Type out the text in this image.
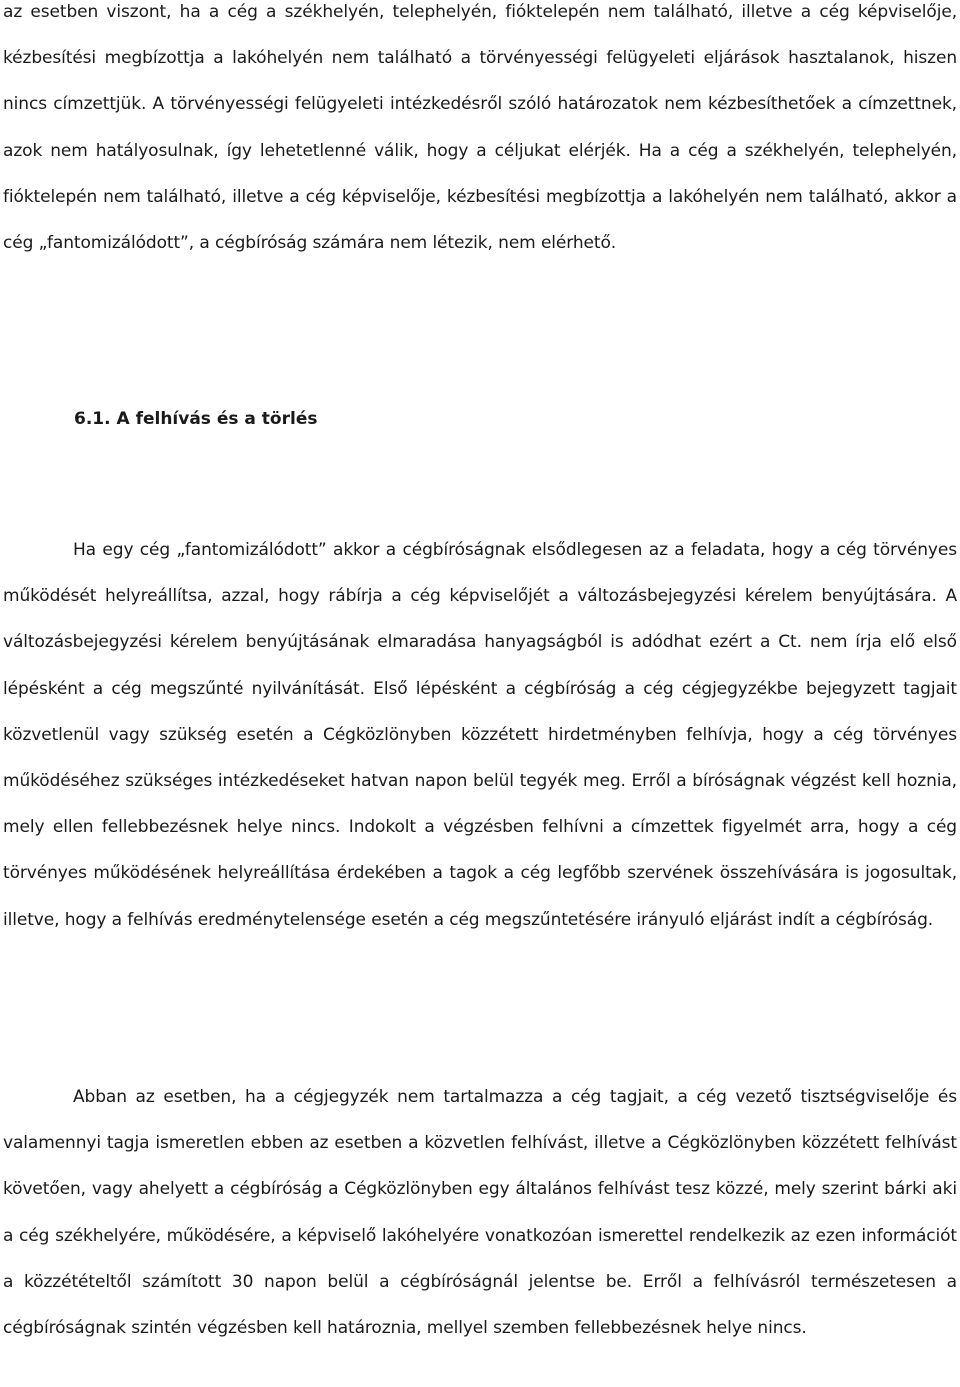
az esetben viszont, ha a cég a székhelyén, telephelyén, fióktelepén nem található, illetve a cég képviselője, kézbesítési megbízottja a lakóhelyén nem található a törvényességi felügyeleti eljárások hasztalanok, hiszen nincs címzettjük. A törvényességi felügyeleti intézkedésről szóló határozatok nem kézbesíthetőek a címzettnek, azok nem hatályosulnak, így lehetetlenné válik, hogy a céljukat elérjék. Ha a cég a székhelyén, telephelyén, fióktelepén nem található, illetve a cég képviselője, kézbesítési megbízottja a lakóhelyén nem található, akkor a cég „fantomizálódott”, a cégbíróság számára nem létezik, nem elérhető.

6.1. A felhívás és a törlés

Ha egy cég „fantomizálódott” akkor a cégbíróságnak elsődlegesen az a feladata, hogy a cég törvényes működését helyreállítsa, azzal, hogy rábírja a cég képviselőjét a változásbejegyzési kérelem benyújtására. A változásbejegyzési kérelem benyújtásának elmaradása hanyagságból is adódhat ezért a Ct. nem írja elő első lépésként a cég megszűnté nyilvánítását. Első lépésként a cégbíróság a cég cégjegyzékbe bejegyzett tagjait közvetlenül vagy szükség esetén a Cégközlönyben közzétett hirdetményben felhívja, hogy a cég törvényes működéséhez szükséges intézkedéseket hatvan napon belül tegyék meg. Erről a bíróságnak végzést kell hoznia, mely ellen fellebbezésnek helye nincs. Indokolt a végzésben felhívni a címzettek figyelmét arra, hogy a cég törvényes működésének helyreállítása érdekében a tagok a cég legfőbb szervének összehívására is jogosultak, illetve, hogy a felhívás eredménytelensége esetén a cég megszűntetésére irányuló eljárást indít a cégbíróság.

Abban az esetben, ha a cégjegyzék nem tartalmazza a cég tagjait, a cég vezető tisztségviselője és valamennyi tagja ismeretlen ebben az esetben a közvetlen felhívást, illetve a Cégközlönyben közzétett felhívást követően, vagy ahelyett a cégbíróság a Cégközlönyben egy általános felhívást tesz közzé, mely szerint bárki aki a cég székhelyére, működésére, a képviselő lakóhelyére vonatkozóan ismerettel rendelkezik az ezen információt a közzétételtől számított 30 napon belül a cégbíróságnál jelentse be. Erről a felhívásról természetesen a cégbíróságnak szintén végzésben kell határoznia, mellyel szemben fellebbezésnek helye nincs.
